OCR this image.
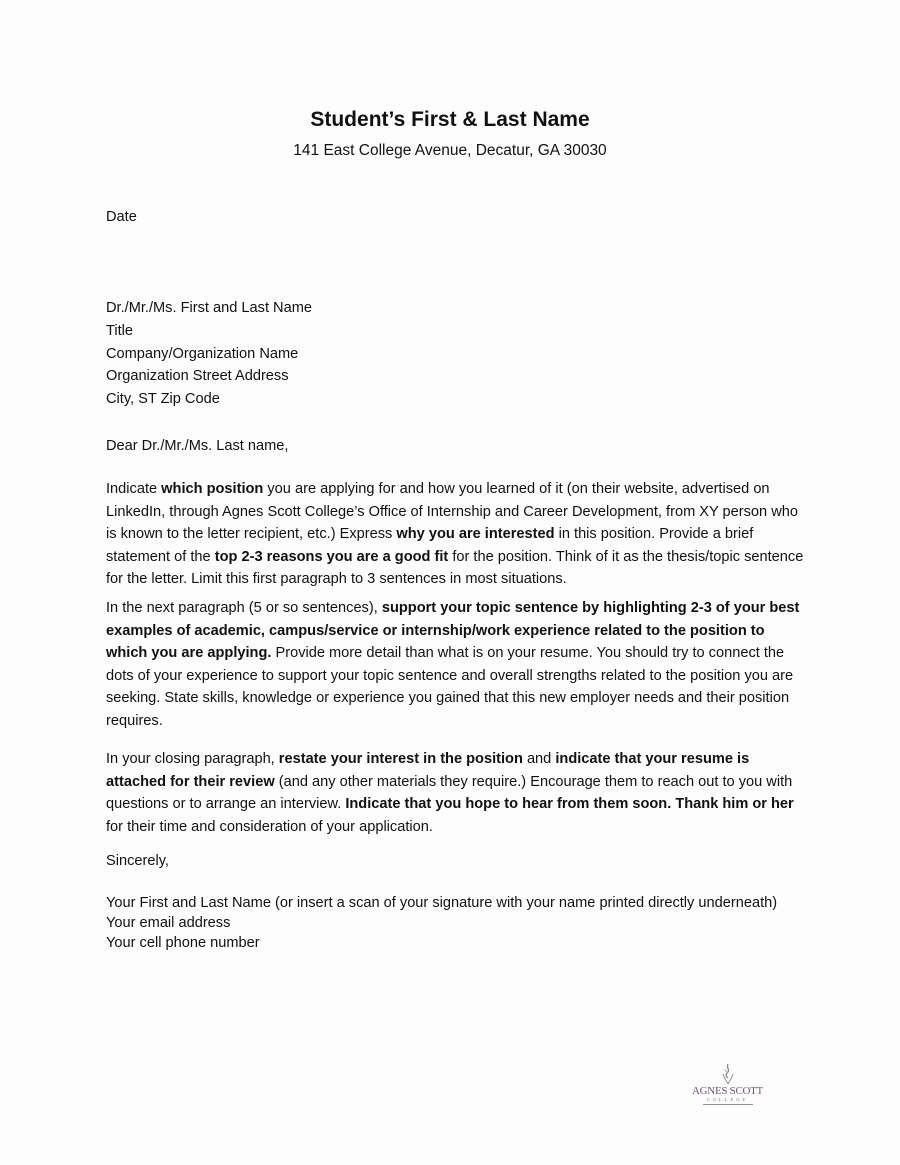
Student’s First & Last Name
141 East College Avenue, Decatur, GA 30030
Date
Dr./Mr./Ms. First and Last Name
Title
Company/Organization Name
Organization Street Address
City, ST Zip Code
Dear Dr./Mr./Ms. Last name,
Indicate which position you are applying for and how you learned of it (on their website, advertised on LinkedIn, through Agnes Scott College’s Office of Internship and Career Development, from XY person who is known to the letter recipient, etc.) Express why you are interested in this position. Provide a brief statement of the top 2-3 reasons you are a good fit for the position. Think of it as the thesis/topic sentence for the letter. Limit this first paragraph to 3 sentences in most situations.
In the next paragraph (5 or so sentences), support your topic sentence by highlighting 2-3 of your best examples of academic, campus/service or internship/work experience related to the position to which you are applying. Provide more detail than what is on your resume. You should try to connect the dots of your experience to support your topic sentence and overall strengths related to the position you are seeking. State skills, knowledge or experience you gained that this new employer needs and their position requires.
In your closing paragraph, restate your interest in the position and indicate that your resume is attached for their review (and any other materials they require.) Encourage them to reach out to you with questions or to arrange an interview. Indicate that you hope to hear from them soon. Thank him or her for their time and consideration of your application.
Sincerely,
Your First and Last Name (or insert a scan of your signature with your name printed directly underneath)
Your email address
Your cell phone number
AGNES SCOTT
COLLEGE
